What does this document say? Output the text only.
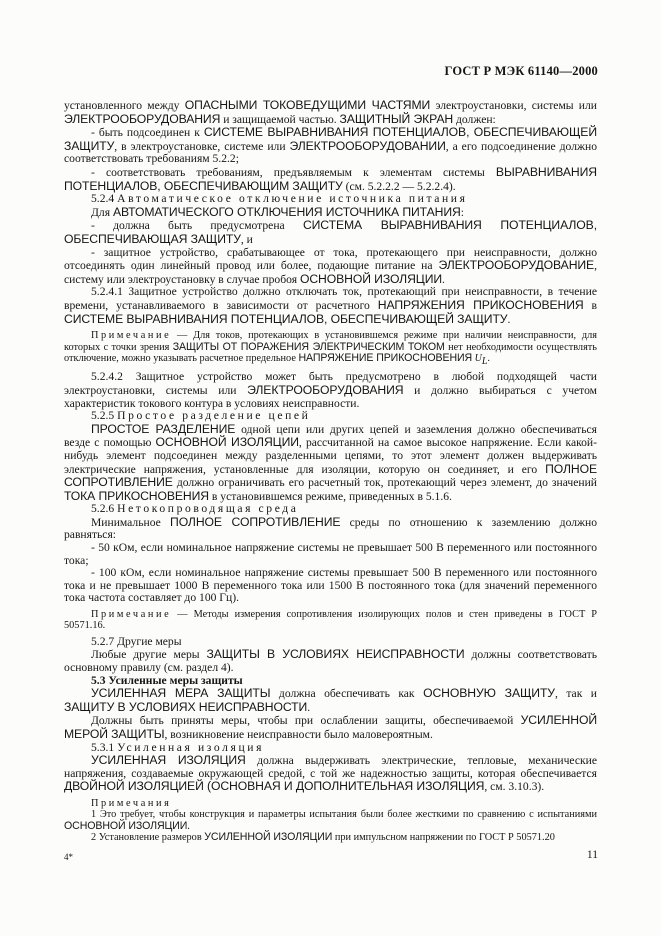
ГОСТ Р МЭК 61140—2000

установленного между ОПАСНЫМИ ТОКОВЕДУЩИМИ ЧАСТЯМИ электроустановки, системы или ЭЛЕКТРООБОРУДОВАНИЯ и защищаемой частью. ЗАЩИТНЫЙ ЭКРАН должен:

- быть подсоединен к СИСТЕМЕ ВЫРАВНИВАНИЯ ПОТЕНЦИАЛОВ, ОБЕСПЕЧИВАЮЩЕЙ ЗАЩИТУ, в электроустановке, системе или ЭЛЕКТРООБОРУДОВАНИИ, а его подсоединение должно соответствовать требованиям 5.2.2;

- соответствовать требованиям, предъявляемым к элементам системы ВЫРАВНИВАНИЯ ПОТЕНЦИАЛОВ, ОБЕСПЕЧИВАЮЩИМ ЗАЩИТУ (см. 5.2.2.2 — 5.2.2.4).

5.2.4 Автоматическое отключение источника питания

Для АВТОМАТИЧЕСКОГО ОТКЛЮЧЕНИЯ ИСТОЧНИКА ПИТАНИЯ:

- должна быть предусмотрена СИСТЕМА ВЫРАВНИВАНИЯ ПОТЕНЦИАЛОВ, ОБЕСПЕЧИВАЮЩАЯ ЗАЩИТУ, и

- защитное устройство, срабатывающее от тока, протекающего при неисправности, должно отсоединять один линейный провод или более, подающие питание на ЭЛЕКТРООБОРУДОВАНИЕ, систему или электроустановку в случае пробоя ОСНОВНОЙ ИЗОЛЯЦИИ.

5.2.4.1 Защитное устройство должно отключать ток, протекающий при неисправности, в течение времени, устанавливаемого в зависимости от расчетного НАПРЯЖЕНИЯ ПРИКОСНОВЕНИЯ в СИСТЕМЕ ВЫРАВНИВАНИЯ ПОТЕНЦИАЛОВ, ОБЕСПЕЧИВАЮЩЕЙ ЗАЩИТУ.

Примечание — Для токов, протекающих в установившемся режиме при наличии неисправности, для которых с точки зрения ЗАЩИТЫ ОТ ПОРАЖЕНИЯ ЭЛЕКТРИЧЕСКИМ ТОКОМ нет необходимости осуществлять отключение, можно указывать расчетное предельное НАПРЯЖЕНИЕ ПРИКОСНОВЕНИЯ $U_L$.

5.2.4.2 Защитное устройство может быть предусмотрено в любой подходящей части электроустановки, системы или ЭЛЕКТРООБОРУДОВАНИЯ и должно выбираться с учетом характеристик токового контура в условиях неисправности.

5.2.5 Простое разделение цепей

ПРОСТОЕ РАЗДЕЛЕНИЕ одной цепи или других цепей и заземления должно обеспечиваться везде с помощью ОСНОВНОЙ ИЗОЛЯЦИИ, рассчитанной на самое высокое напряжение. Если какой-нибудь элемент подсоединен между разделенными цепями, то этот элемент должен выдерживать электрические напряжения, установленные для изоляции, которую он соединяет, и его ПОЛНОЕ СОПРОТИВЛЕНИЕ должно ограничивать его расчетный ток, протекающий через элемент, до значений ТОКА ПРИКОСНОВЕНИЯ в установившемся режиме, приведенных в 5.1.6.

5.2.6 Нетокопроводящая среда

Минимальное ПОЛНОЕ СОПРОТИВЛЕНИЕ среды по отношению к заземлению должно равняться:

- 50 кОм, если номинальное напряжение системы не превышает 500 В переменного или постоянного тока;

- 100 кОм, если номинальное напряжение системы превышает 500 В переменного или постоянного тока и не превышает 1000 В переменного тока или 1500 В постоянного тока (для значений переменного тока частота составляет до 100 Гц).

Примечание — Методы измерения сопротивления изолирующих полов и стен приведены в ГОСТ Р 50571.16.

5.2.7 Другие меры

Любые другие меры ЗАЩИТЫ В УСЛОВИЯХ НЕИСПРАВНОСТИ должны соответствовать основному правилу (см. раздел 4).

5.3 Усиленные меры защиты

УСИЛЕННАЯ МЕРА ЗАЩИТЫ должна обеспечивать как ОСНОВНУЮ ЗАЩИТУ, так и ЗАЩИТУ В УСЛОВИЯХ НЕИСПРАВНОСТИ.

Должны быть приняты меры, чтобы при ослаблении защиты, обеспечиваемой УСИЛЕННОЙ МЕРОЙ ЗАЩИТЫ, возникновение неисправности было маловероятным.

5.3.1 Усиленная изоляция

УСИЛЕННАЯ ИЗОЛЯЦИЯ должна выдерживать электрические, тепловые, механические напряжения, создаваемые окружающей средой, с той же надежностью защиты, которая обеспечивается ДВОЙНОЙ ИЗОЛЯЦИЕЙ (ОСНОВНАЯ И ДОПОЛНИТЕЛЬНАЯ ИЗОЛЯЦИЯ, см. 3.10.3).

Примечания

1 Это требует, чтобы конструкция и параметры испытания были более жесткими по сравнению с испытаниями ОСНОВНОЙ ИЗОЛЯЦИИ.

2 Установление размеров УСИЛЕННОЙ ИЗОЛЯЦИИ при импульсном напряжении по ГОСТ Р 50571.20

4*	11
